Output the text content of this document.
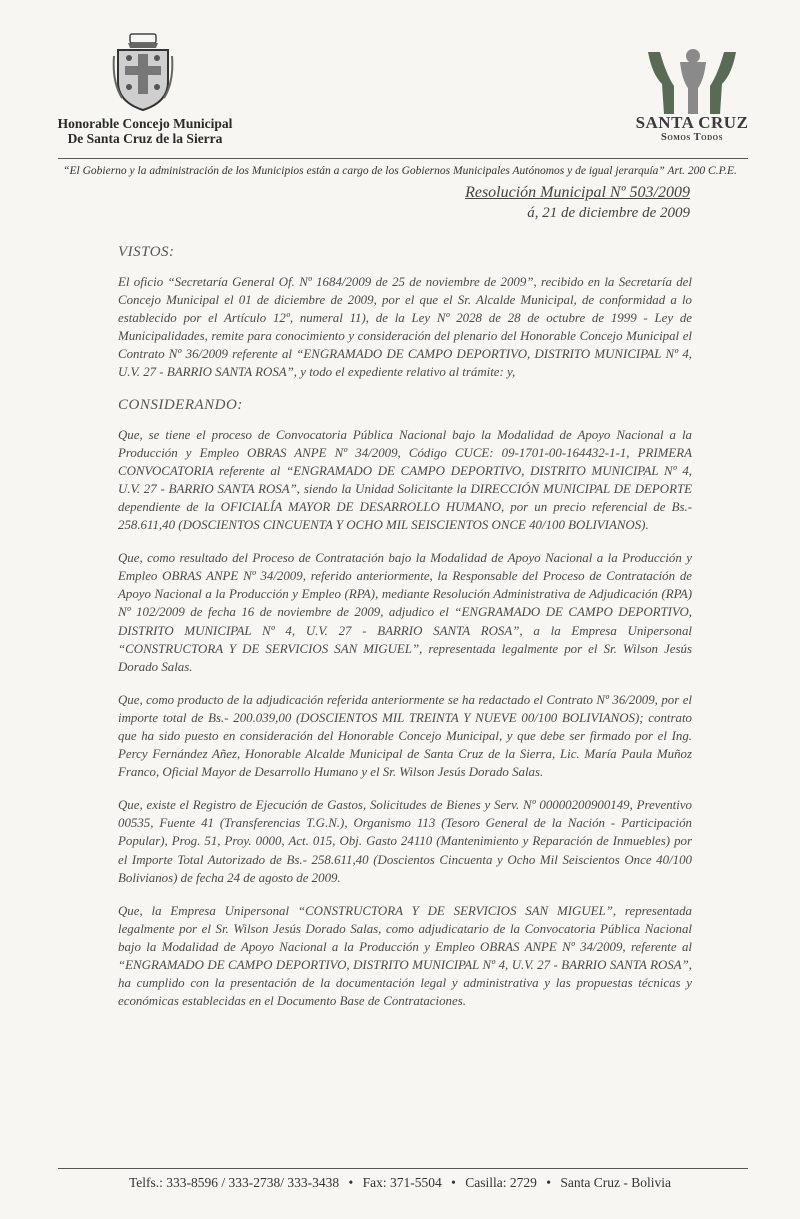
Honorable Concejo Municipal
De Santa Cruz de la Sierra
SANTA CRUZ
Somos Todos
“El Gobierno y la administración de los Municipios están a cargo de los Gobiernos Municipales Autónomos y de igual jerarquía” Art. 200 C.P.E.
Resolución Municipal Nº 503/2009
á, 21 de diciembre de 2009
VISTOS:

El oficio “Secretaría General Of. Nº 1684/2009 de 25 de noviembre de 2009”, recibido en la Secretaría del Concejo Municipal el 01 de diciembre de 2009, por el que el Sr. Alcalde Municipal, de conformidad a lo establecido por el Artículo 12º, numeral 11), de la Ley Nº 2028 de 28 de octubre de 1999 - Ley de Municipalidades, remite para conocimiento y consideración del plenario del Honorable Concejo Municipal el Contrato Nº 36/2009 referente al “ENGRAMADO DE CAMPO DEPORTIVO, DISTRITO MUNICIPAL Nº 4, U.V. 27 - BARRIO SANTA ROSA”, y todo el expediente relativo al trámite: y,

CONSIDERANDO:

Que, se tiene el proceso de Convocatoria Pública Nacional bajo la Modalidad de Apoyo Nacional a la Producción y Empleo OBRAS ANPE Nº 34/2009, Código CUCE: 09-1701-00-164432-1-1, PRIMERA CONVOCATORIA referente al “ENGRAMADO DE CAMPO DEPORTIVO, DISTRITO MUNICIPAL Nº 4, U.V. 27 - BARRIO SANTA ROSA”, siendo la Unidad Solicitante la DIRECCIÓN MUNICIPAL DE DEPORTE dependiente de la OFICIALÍA MAYOR DE DESARROLLO HUMANO, por un precio referencial de Bs.- 258.611,40 (DOSCIENTOS CINCUENTA Y OCHO MIL SEISCIENTOS ONCE 40/100 BOLIVIANOS).

Que, como resultado del Proceso de Contratación bajo la Modalidad de Apoyo Nacional a la Producción y Empleo OBRAS ANPE Nº 34/2009, referido anteriormente, la Responsable del Proceso de Contratación de Apoyo Nacional a la Producción y Empleo (RPA), mediante Resolución Administrativa de Adjudicación (RPA) Nº 102/2009 de fecha 16 de noviembre de 2009, adjudico el “ENGRAMADO DE CAMPO DEPORTIVO, DISTRITO MUNICIPAL Nº 4, U.V. 27 - BARRIO SANTA ROSA”, a la Empresa Unipersonal “CONSTRUCTORA Y DE SERVICIOS SAN MIGUEL”, representada legalmente por el Sr. Wilson Jesús Dorado Salas.

Que, como producto de la adjudicación referida anteriormente se ha redactado el Contrato Nº 36/2009, por el importe total de Bs.- 200.039,00 (DOSCIENTOS MIL TREINTA Y NUEVE 00/100 BOLIVIANOS); contrato que ha sido puesto en consideración del Honorable Concejo Municipal, y que debe ser firmado por el Ing. Percy Fernández Añez, Honorable Alcalde Municipal de Santa Cruz de la Sierra, Lic. María Paula Muñoz Franco, Oficial Mayor de Desarrollo Humano y el Sr. Wilson Jesús Dorado Salas.

Que, existe el Registro de Ejecución de Gastos, Solicitudes de Bienes y Serv. Nº 00000200900149, Preventivo 00535, Fuente 41 (Transferencias T.G.N.), Organismo 113 (Tesoro General de la Nación - Participación Popular), Prog. 51, Proy. 0000, Act. 015, Obj. Gasto 24110 (Mantenimiento y Reparación de Inmuebles) por el Importe Total Autorizado de Bs.- 258.611,40 (Doscientos Cincuenta y Ocho Mil Seiscientos Once 40/100 Bolivianos) de fecha 24 de agosto de 2009.

Que, la Empresa Unipersonal “CONSTRUCTORA Y DE SERVICIOS SAN MIGUEL”, representada legalmente por el Sr. Wilson Jesús Dorado Salas, como adjudicatario de la Convocatoria Pública Nacional bajo la Modalidad de Apoyo Nacional a la Producción y Empleo OBRAS ANPE Nº 34/2009, referente al “ENGRAMADO DE CAMPO DEPORTIVO, DISTRITO MUNICIPAL Nº 4, U.V. 27 - BARRIO SANTA ROSA”, ha cumplido con la presentación de la documentación legal y administrativa y las propuestas técnicas y económicas establecidas en el Documento Base de Contrataciones.

Telfs.: 333-8596 / 333-2738/ 333-3438 • Fax: 371-5504 • Casilla: 2729 • Santa Cruz - Bolivia
